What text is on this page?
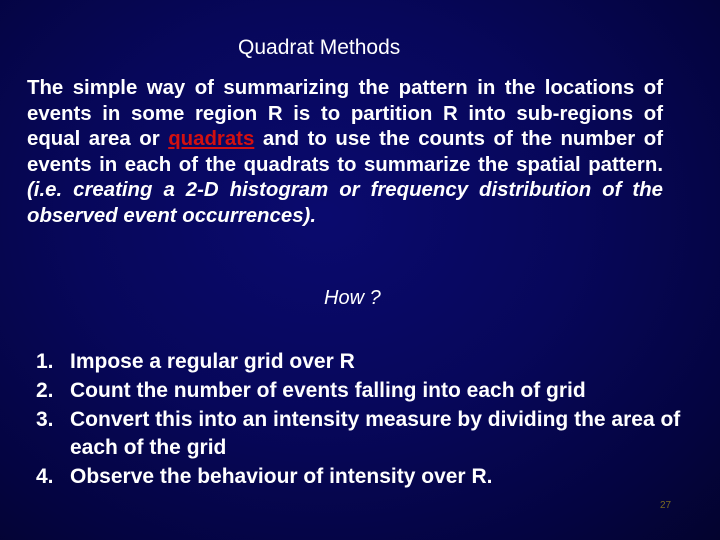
Quadrat Methods

The simple way of summarizing the pattern in the locations of events in some region R is to partition R into sub-regions of equal area or quadrats and to use the counts of the number of events in each of the quadrats to summarize the spatial pattern. (i.e. creating a 2-D histogram or frequency distribution of the observed event occurrences).

How ?
1. Impose a regular grid over R
2. Count the number of events falling into each of grid
3. Convert this into an intensity measure by dividing the area of each of the grid
4. Observe the behaviour of intensity over R.
27
